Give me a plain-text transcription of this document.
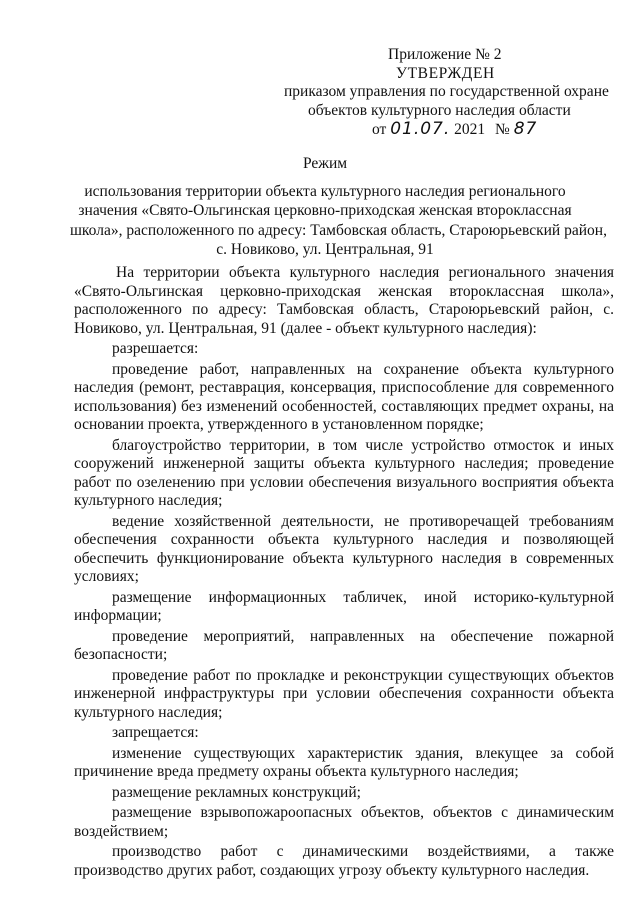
Приложение № 2
УТВЕРЖДЕН
приказом управления по государственной охране
объектов культурного наследия области
от 01.07. 2021 № 87
Режим
использования территории объекта культурного наследия регионального
значения «Свято-Ольгинская церковно-приходская женская второклассная
школа», расположенного по адресу: Тамбовская область, Староюрьевский район,
с. Новиково, ул. Центральная, 91

На территории объекта культурного наследия регионального значения «Свято-Ольгинская церковно-приходская женская второклассная школа», расположенного по адресу: Тамбовская область, Староюрьевский район, с. Новиково, ул. Центральная, 91 (далее - объект культурного наследия):

разрешается:

проведение работ, направленных на сохранение объекта культурного наследия (ремонт, реставрация, консервация, приспособление для современного использования) без изменений особенностей, составляющих предмет охраны, на основании проекта, утвержденного в установленном порядке;

благоустройство территории, в том числе устройство отмосток и иных сооружений инженерной защиты объекта культурного наследия; проведение работ по озеленению при условии обеспечения визуального восприятия объекта культурного наследия;

ведение хозяйственной деятельности, не противоречащей требованиям обеспечения сохранности объекта культурного наследия и позволяющей обеспечить функционирование объекта культурного наследия в современных условиях;

размещение информационных табличек, иной историко-культурной информации;

проведение мероприятий, направленных на обеспечение пожарной безопасности;

проведение работ по прокладке и реконструкции существующих объектов инженерной инфраструктуры при условии обеспечения сохранности объекта культурного наследия;

запрещается:

изменение существующих характеристик здания, влекущее за собой причинение вреда предмету охраны объекта культурного наследия;

размещение рекламных конструкций;

размещение взрывопожароопасных объектов, объектов с динамическим воздействием;

производство работ с динамическими воздействиями, а также производство других работ, создающих угрозу объекту культурного наследия.
